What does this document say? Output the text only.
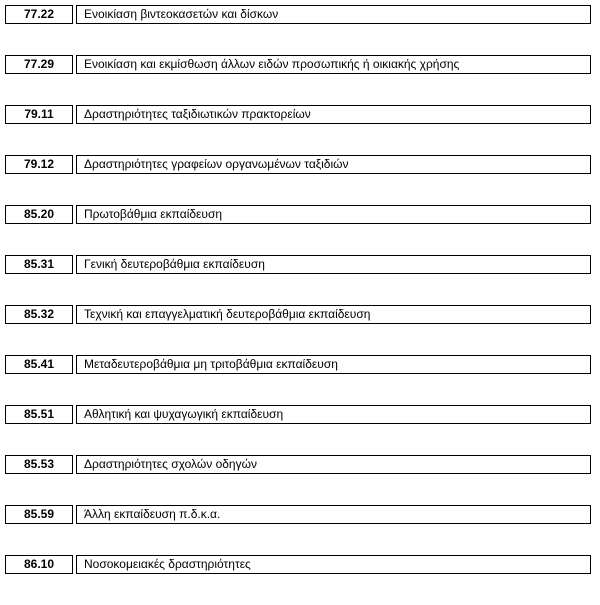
77.22	Ενοικίαση βιντεοκασετών και δίσκων
77.29	Ενοικίαση και εκμίσθωση άλλων ειδών προσωπικής ή οικιακής χρήσης
79.11	Δραστηριότητες ταξιδιωτικών πρακτορείων
79.12	Δραστηριότητες γραφείων οργανωμένων ταξιδιών
85.20	Πρωτοβάθμια εκπαίδευση
85.31	Γενική δευτεροβάθμια εκπαίδευση
85.32	Τεχνική και επαγγελματική δευτεροβάθμια εκπαίδευση
85.41	Μεταδευτεροβάθμια μη τριτοβάθμια εκπαίδευση
85.51	Αθλητική και ψυχαγωγική εκπαίδευση
85.53	Δραστηριότητες σχολών οδηγών
85.59	Άλλη εκπαίδευση π.δ.κ.α.
86.10	Νοσοκομειακές δραστηριότητες
